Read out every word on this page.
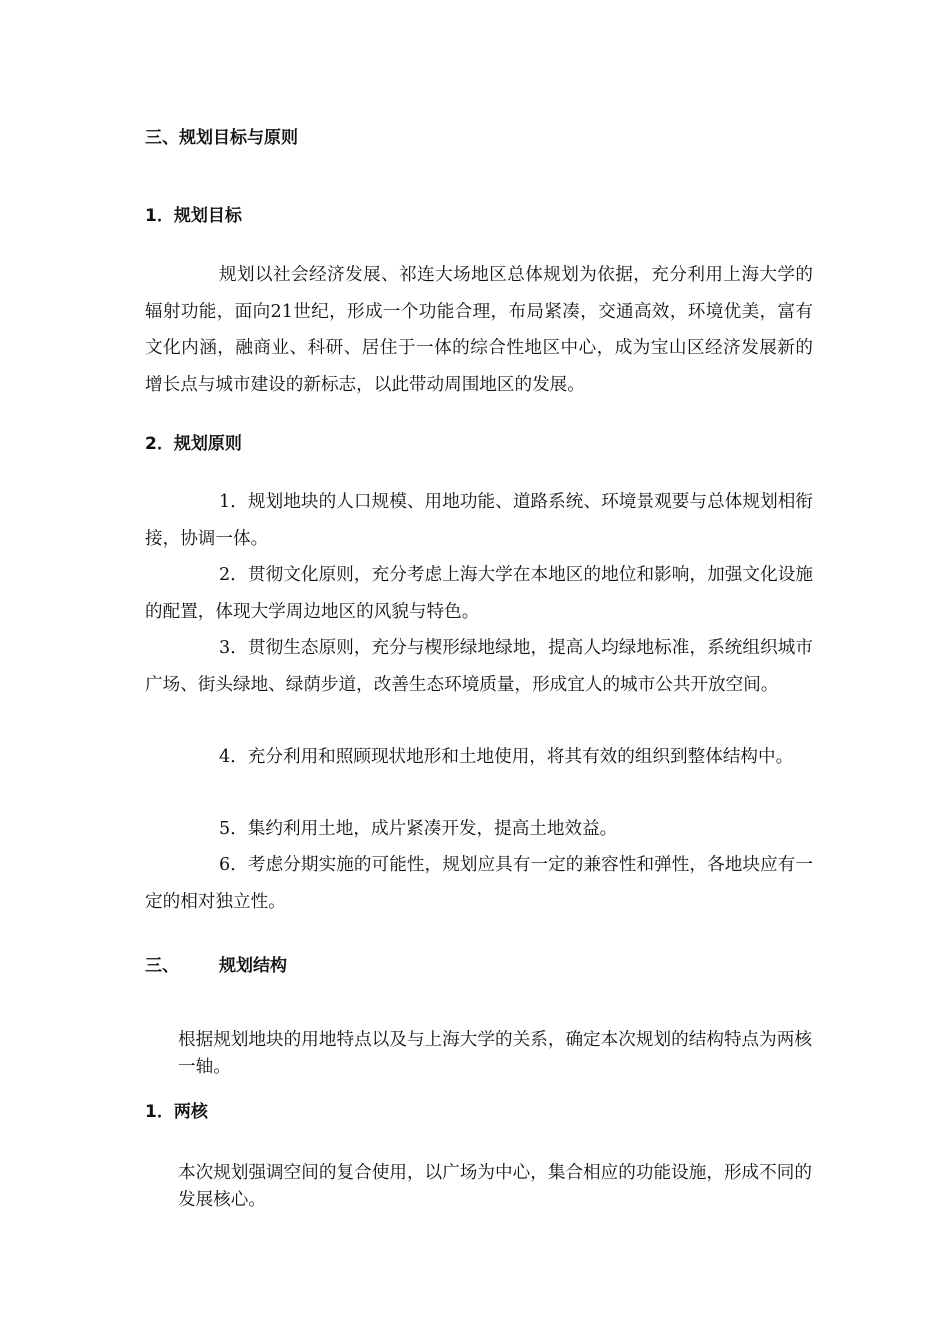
三、规划目标与原则
1．规划目标
规划以社会经济发展、祁连大场地区总体规划为依据，充分利用上海大学的辐射功能，面向21世纪，形成一个功能合理，布局紧凑，交通高效，环境优美，富有文化内涵，融商业、科研、居住于一体的综合性地区中心，成为宝山区经济发展新的增长点与城市建设的新标志，以此带动周围地区的发展。
2．规划原则
1．规划地块的人口规模、用地功能、道路系统、环境景观要与总体规划相衔接，协调一体。
2．贯彻文化原则，充分考虑上海大学在本地区的地位和影响，加强文化设施的配置，体现大学周边地区的风貌与特色。
3．贯彻生态原则，充分与楔形绿地绿地，提高人均绿地标准，系统组织城市广场、街头绿地、绿荫步道，改善生态环境质量，形成宜人的城市公共开放空间。
4．充分利用和照顾现状地形和土地使用，将其有效的组织到整体结构中。
5．集约利用土地，成片紧凑开发，提高土地效益。
6．考虑分期实施的可能性，规划应具有一定的兼容性和弹性，各地块应有一定的相对独立性。
三、 规划结构
根据规划地块的用地特点以及与上海大学的关系，确定本次规划的结构特点为两核一轴。
1．两核
本次规划强调空间的复合使用，以广场为中心，集合相应的功能设施，形成不同的发展核心。
